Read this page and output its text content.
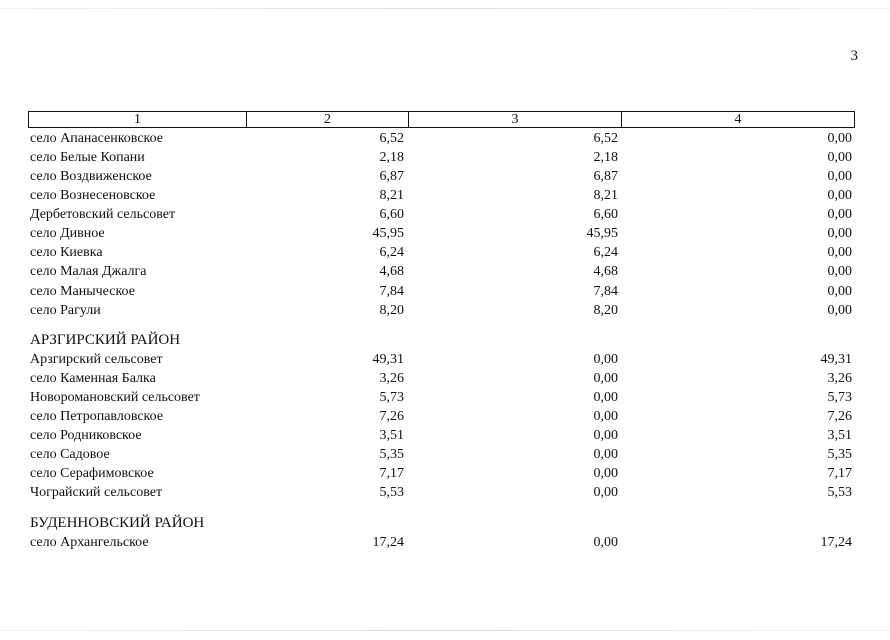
3
1	2	3	4
село Апанасенковское	6,52	6,52	0,00
село Белые Копани	2,18	2,18	0,00
село Воздвиженское	6,87	6,87	0,00
село Вознесеновское	8,21	8,21	0,00
Дербетовский сельсовет	6,60	6,60	0,00
село Дивное	45,95	45,95	0,00
село Киевка	6,24	6,24	0,00
село Малая Джалга	4,68	4,68	0,00
село Маныческое	7,84	7,84	0,00
село Рагули	8,20	8,20	0,00
АРЗГИРСКИЙ РАЙОН
Арзгирский сельсовет	49,31	0,00	49,31
село Каменная Балка	3,26	0,00	3,26
Новоромановский сельсовет	5,73	0,00	5,73
село Петропавловское	7,26	0,00	7,26
село Родниковское	3,51	0,00	3,51
село Садовое	5,35	0,00	5,35
село Серафимовское	7,17	0,00	7,17
Чограйский сельсовет	5,53	0,00	5,53
БУДЕННОВСКИЙ РАЙОН
село Архангельское	17,24	0,00	17,24
